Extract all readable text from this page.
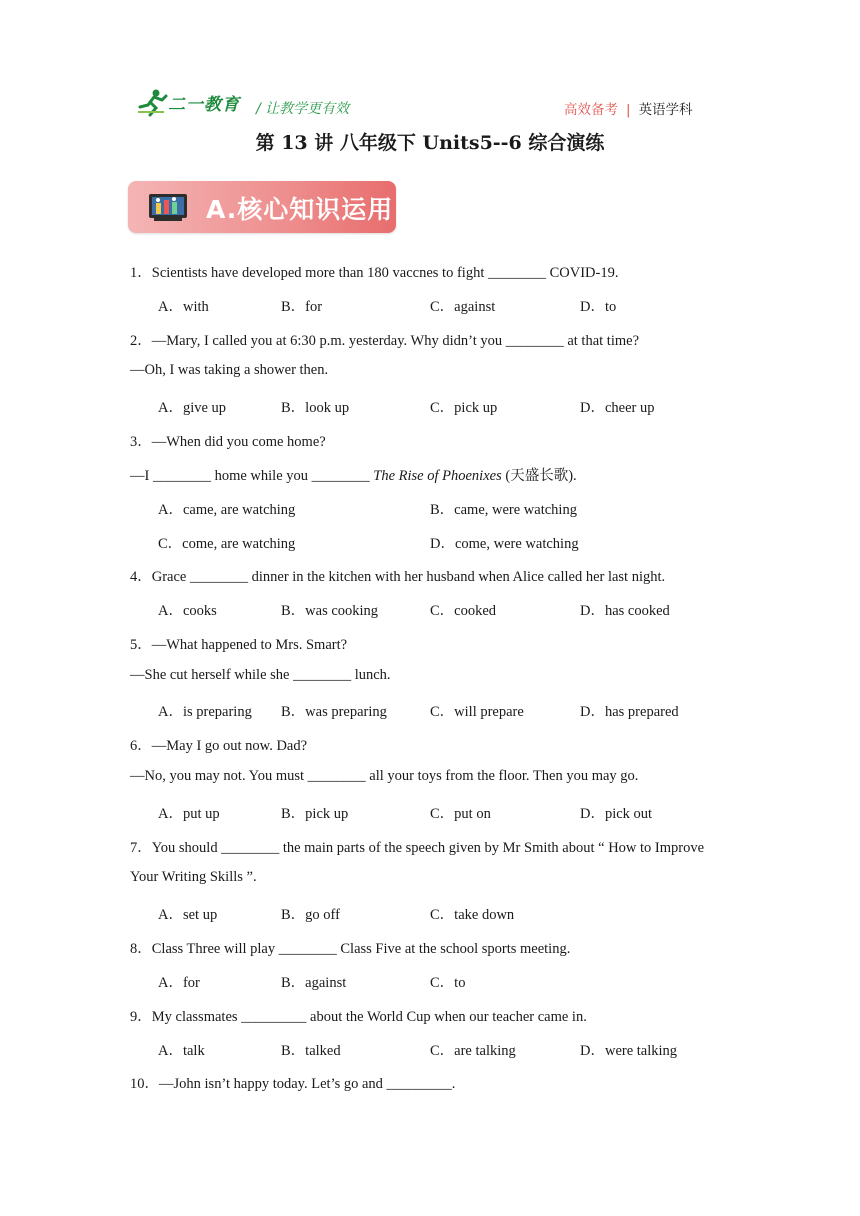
二一教育 / 让教学更有效	高效备考 | 英语学科
第 13 讲 八年级下 Units5--6 综合演练
A.核心知识运用
1．Scientists have developed more than 180 vaccnes to fight ________ COVID-19.
A．with	B．for	C．against	D．to
2．—Mary, I called you at 6:30 p.m. yesterday. Why didn’t you ________ at that time?
—Oh, I was taking a shower then.
A．give up	B．look up	C．pick up	D．cheer up
3．—When did you come home?
—I ________ home while you ________ The Rise of Phoenixes (天盛长歌).
A．came, are watching	B．came, were watching
C．come, are watching	D．come, were watching
4．Grace ________ dinner in the kitchen with her husband when Alice called her last night.
A．cooks	B．was cooking	C．cooked	D．has cooked
5．—What happened to Mrs. Smart?
—She cut herself while she ________ lunch.
A．is preparing B．was preparing	C．will prepare	D．has prepared
6．—May I go out now. Dad?
—No, you may not. You must ________ all your toys from the floor. Then you may go.
A．put up	B．pick up	C．put on	D．pick out
7．You should ________ the main parts of the speech given by Mr Smith about “ How to Improve
Your Writing Skills ”.
A．set up	B．go off	C．take down
8．Class Three will play ________ Class Five at the school sports meeting.
A．for	B．against	C．to
9．My classmates _________ about the World Cup when our teacher came in.
A．talk	B．talked	C．are talking	D．were talking
10．—John isn’t happy today. Let’s go and _________.
